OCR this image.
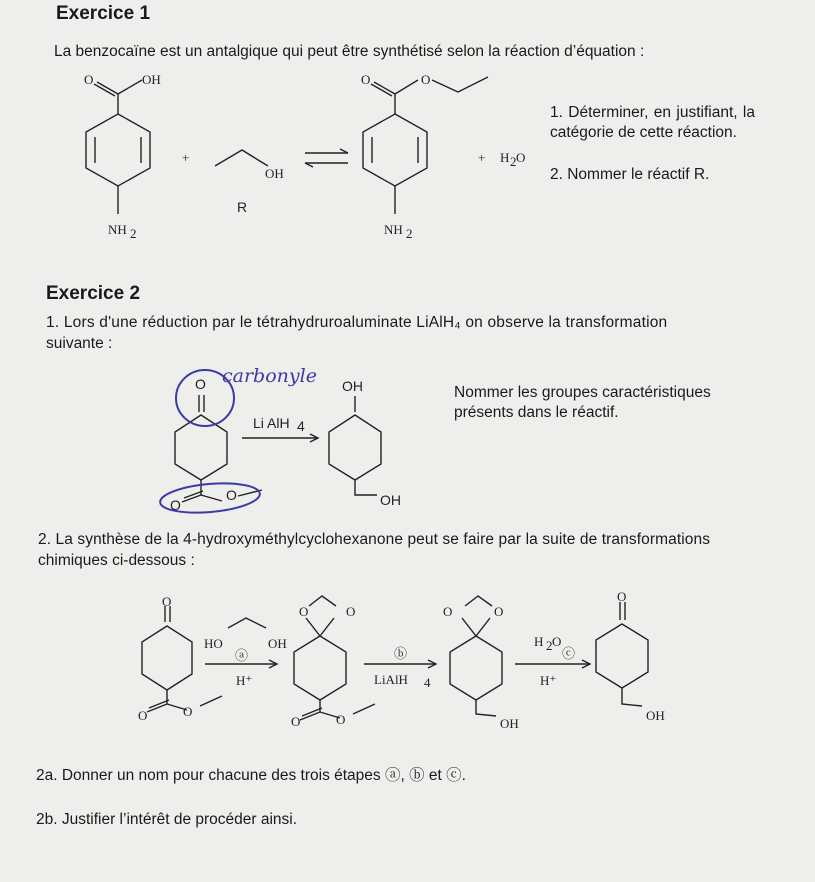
Exercice 1
La benzocaïne est un antalgique qui peut être synthétisé selon la réaction d’équation :
O	OH
NH 2
+
OH
R
O	O
NH 2
+ H 2 O
1. Déterminer, en justifiant, la catégorie de cette réaction.
2. Nommer le réactif R.
Exercice 2
1. Lors d'une réduction par le tétrahydruroaluminate LiAlH₄ on observe la transformation
suivante :
Nommer les groupes caractéristiques
présents dans le réactif.
carbonyle
O	OH
Li AlH 4
O
O	OH
2. La synthèse de la 4-hydroxyméthylcyclohexanone peut se faire par la suite de transformations
chimiques ci-dessous :
O
O	O
HO	OH
ⓐ
H⁺
O	O
O	O
ⓑ
LiAlH 4
O	O
OH
H 2 O
ⓒ
H⁺
O
OH
2a. Donner un nom pour chacune des trois étapes ⓐ, ⓑ et ⓒ.
2b. Justifier l’intérêt de procéder ainsi.
